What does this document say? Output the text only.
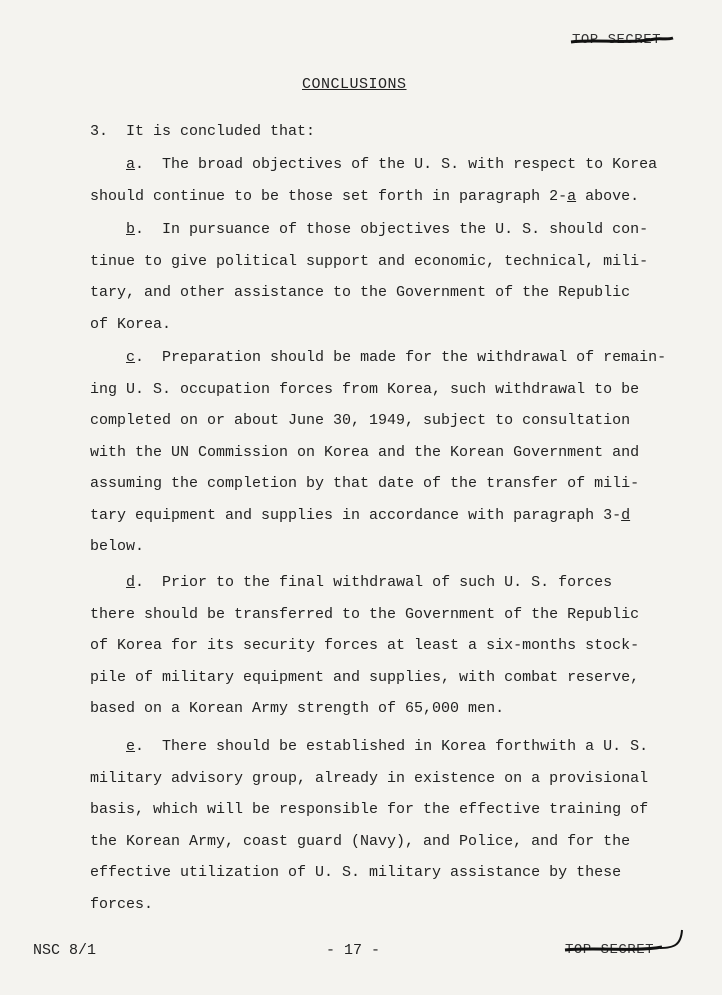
TOP SECRET
CONCLUSIONS

3.  It is concluded that:

a.  The broad objectives of the U. S. with respect to Korea
should continue to be those set forth in paragraph 2-a above.

b.  In pursuance of those objectives the U. S. should con-
tinue to give political support and economic, technical, mili-
tary, and other assistance to the Government of the Republic
of Korea.

c.  Preparation should be made for the withdrawal of remain-
ing U. S. occupation forces from Korea, such withdrawal to be
completed on or about June 30, 1949, subject to consultation
with the UN Commission on Korea and the Korean Government and
assuming the completion by that date of the transfer of mili-
tary equipment and supplies in accordance with paragraph 3-d
below.

d.  Prior to the final withdrawal of such U. S. forces
there should be transferred to the Government of the Republic
of Korea for its security forces at least a six-months stock-
pile of military equipment and supplies, with combat reserve,
based on a Korean Army strength of 65,000 men.

e.  There should be established in Korea forthwith a U. S.
military advisory group, already in existence on a provisional
basis, which will be responsible for the effective training of
the Korean Army, coast guard (Navy), and Police, and for the
effective utilization of U. S. military assistance by these
forces.

NSC 8/1	- 17 -	TOP SECRET
